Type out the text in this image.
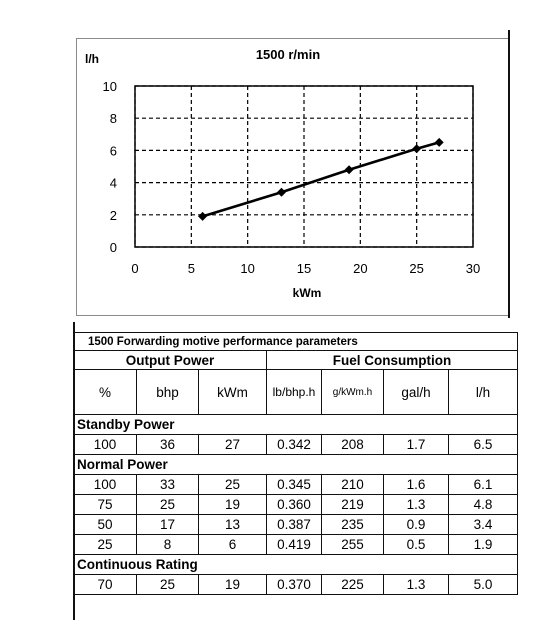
0
2
4
6
8
10
0	5	10	15	20	25	30
1500 r/min
l/h
kWm
1500 Forwarding motive performance parameters						
Output Power			Fuel Consumption			
%	bhp	kWm	lb/bhp.h	g/kWm.h	gal/h	l/h
Standby Power						
100	36	27	0.342	208	1.7	6.5
Normal Power						
100	33	25	0.345	210	1.6	6.1
75	25	19	0.360	219	1.3	4.8
50	17	13	0.387	235	0.9	3.4
25	8	6	0.419	255	0.5	1.9
Continuous Rating						
70	25	19	0.370	225	1.3	5.0
